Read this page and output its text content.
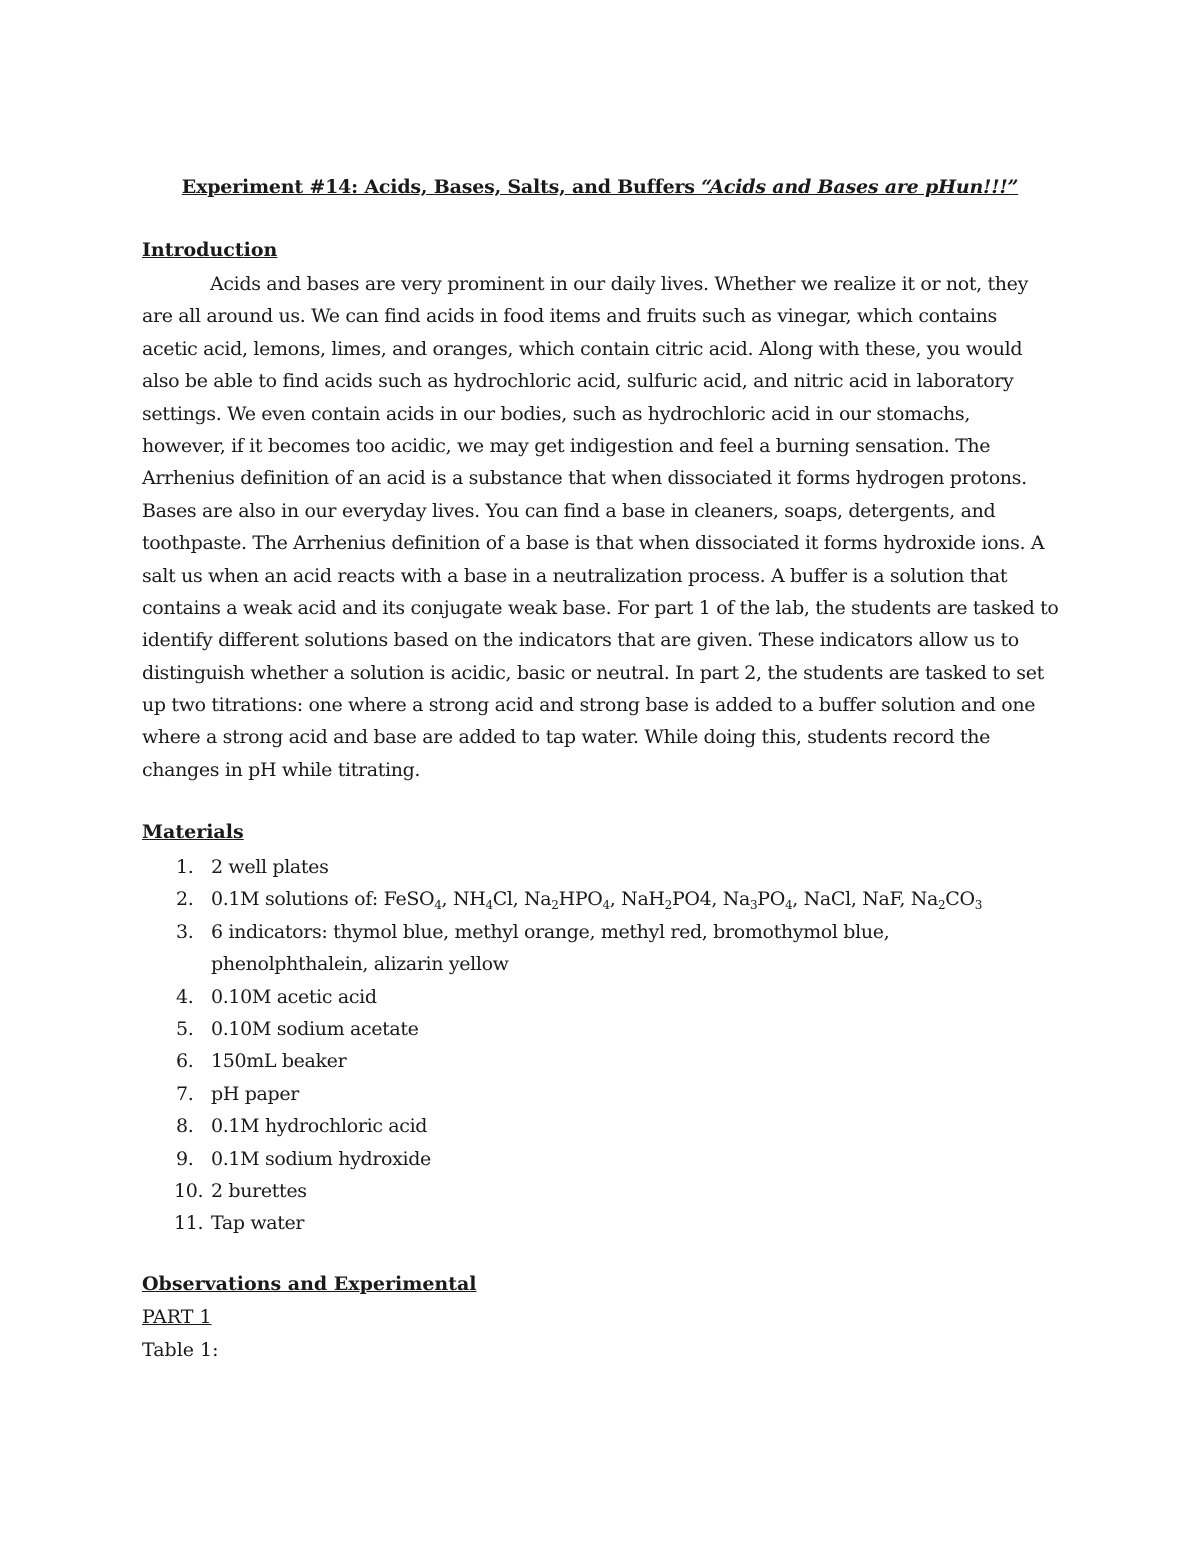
Experiment #14: Acids, Bases, Salts, and Buffers “Acids and Bases are pHun!!!”
Introduction
Acids and bases are very prominent in our daily lives. Whether we realize it or not, they
are all around us. We can find acids in food items and fruits such as vinegar, which contains
acetic acid, lemons, limes, and oranges, which contain citric acid. Along with these, you would
also be able to find acids such as hydrochloric acid, sulfuric acid, and nitric acid in laboratory
settings. We even contain acids in our bodies, such as hydrochloric acid in our stomachs,
however, if it becomes too acidic, we may get indigestion and feel a burning sensation. The
Arrhenius definition of an acid is a substance that when dissociated it forms hydrogen protons.
Bases are also in our everyday lives. You can find a base in cleaners, soaps, detergents, and
toothpaste. The Arrhenius definition of a base is that when dissociated it forms hydroxide ions. A
salt us when an acid reacts with a base in a neutralization process. A buffer is a solution that
contains a weak acid and its conjugate weak base. For part 1 of the lab, the students are tasked to
identify different solutions based on the indicators that are given. These indicators allow us to
distinguish whether a solution is acidic, basic or neutral. In part 2, the students are tasked to set
up two titrations: one where a strong acid and strong base is added to a buffer solution and one
where a strong acid and base are added to tap water. While doing this, students record the
changes in pH while titrating.
Materials
1. 2 well plates
2. 0.1M solutions of: FeSO$_4$, $NH_4Cl$, $Na_2HPO_4$, NaH$_2$PO4, $Na_3PO_4$, NaCl, NaF, $Na_2CO_3$
3. 6 indicators: thymol blue, methyl orange, methyl red, bromothymol blue,
phenolphthalein, alizarin yellow
4. 0.10M acetic acid
5. 0.10M sodium acetate
6. 150mL beaker
7. pH paper
8. 0.1M hydrochloric acid
9. 0.1M sodium hydroxide
10. 2 burettes
11. Tap water
Observations and Experimental
PART 1
Table 1:
